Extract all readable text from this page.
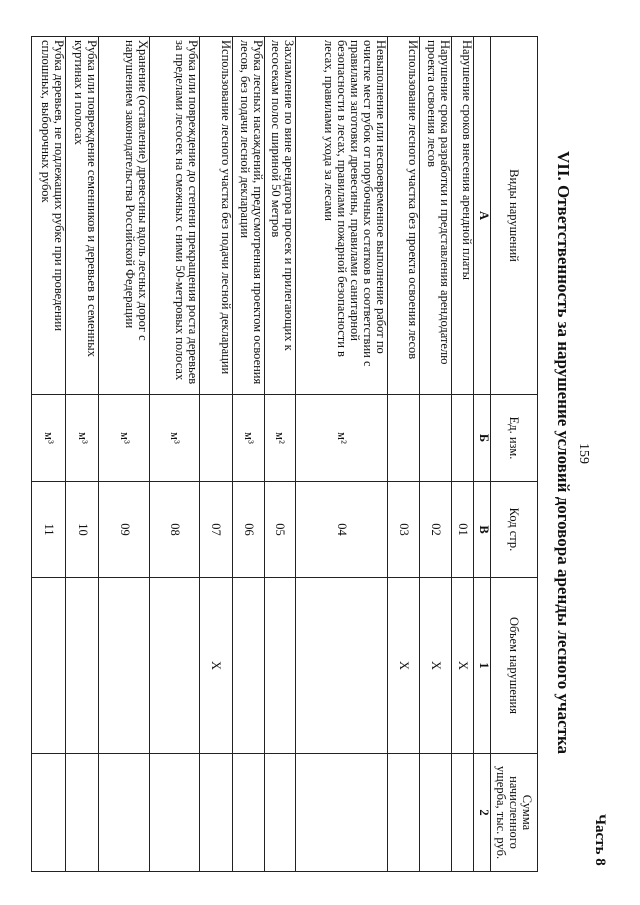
Часть 8
159
VII. Ответственность за нарушение условий договора аренды лесного участка
Виды нарушений	Ед. изм.	Код стр.	Объем нарушения	Сумма начисленного ущерба, тыс. руб.
А	Б	В	1	2
Нарушение сроков внесения арендной платы		01	X	
Нарушение срока разработки и представления арендодателю проекта освоения лесов		02	X	
Использование лесного участка без проекта освоения лесов		03	X	
Невыполнение или несвоевременное выполнение работ по очистке мест рубок от порубочных остатков в соответствии с правилами заготовки древесины, правилами санитарной безопасности в лесах, правилами пожарной безопасности в лесах, правилами ухода за лесами	м²	04		
Захламление по вине арендатора просек и прилегающих к лесосекам полос шириной 50 метров	м²	05		
Рубка лесных насаждений, предусмотренная проектом освоения лесов, без подачи лесной декларации	м³	06		
Использование лесного участка без подачи лесной декларации		07	X	
Рубка или повреждение до степени прекращения роста деревьев за пределами лесосек на смежных с ними 50-метровых полосах	м³	08		
Хранение (оставление) древесины вдоль лесных дорог с нарушением законодательства Российской Федерации	м³	09		
Рубка или повреждение семенников и деревьев в семенных куртинах и полосах	м³	10		
Рубка деревьев, не подлежащих рубке при проведении сплошных, выборочных рубок	м³	11		
